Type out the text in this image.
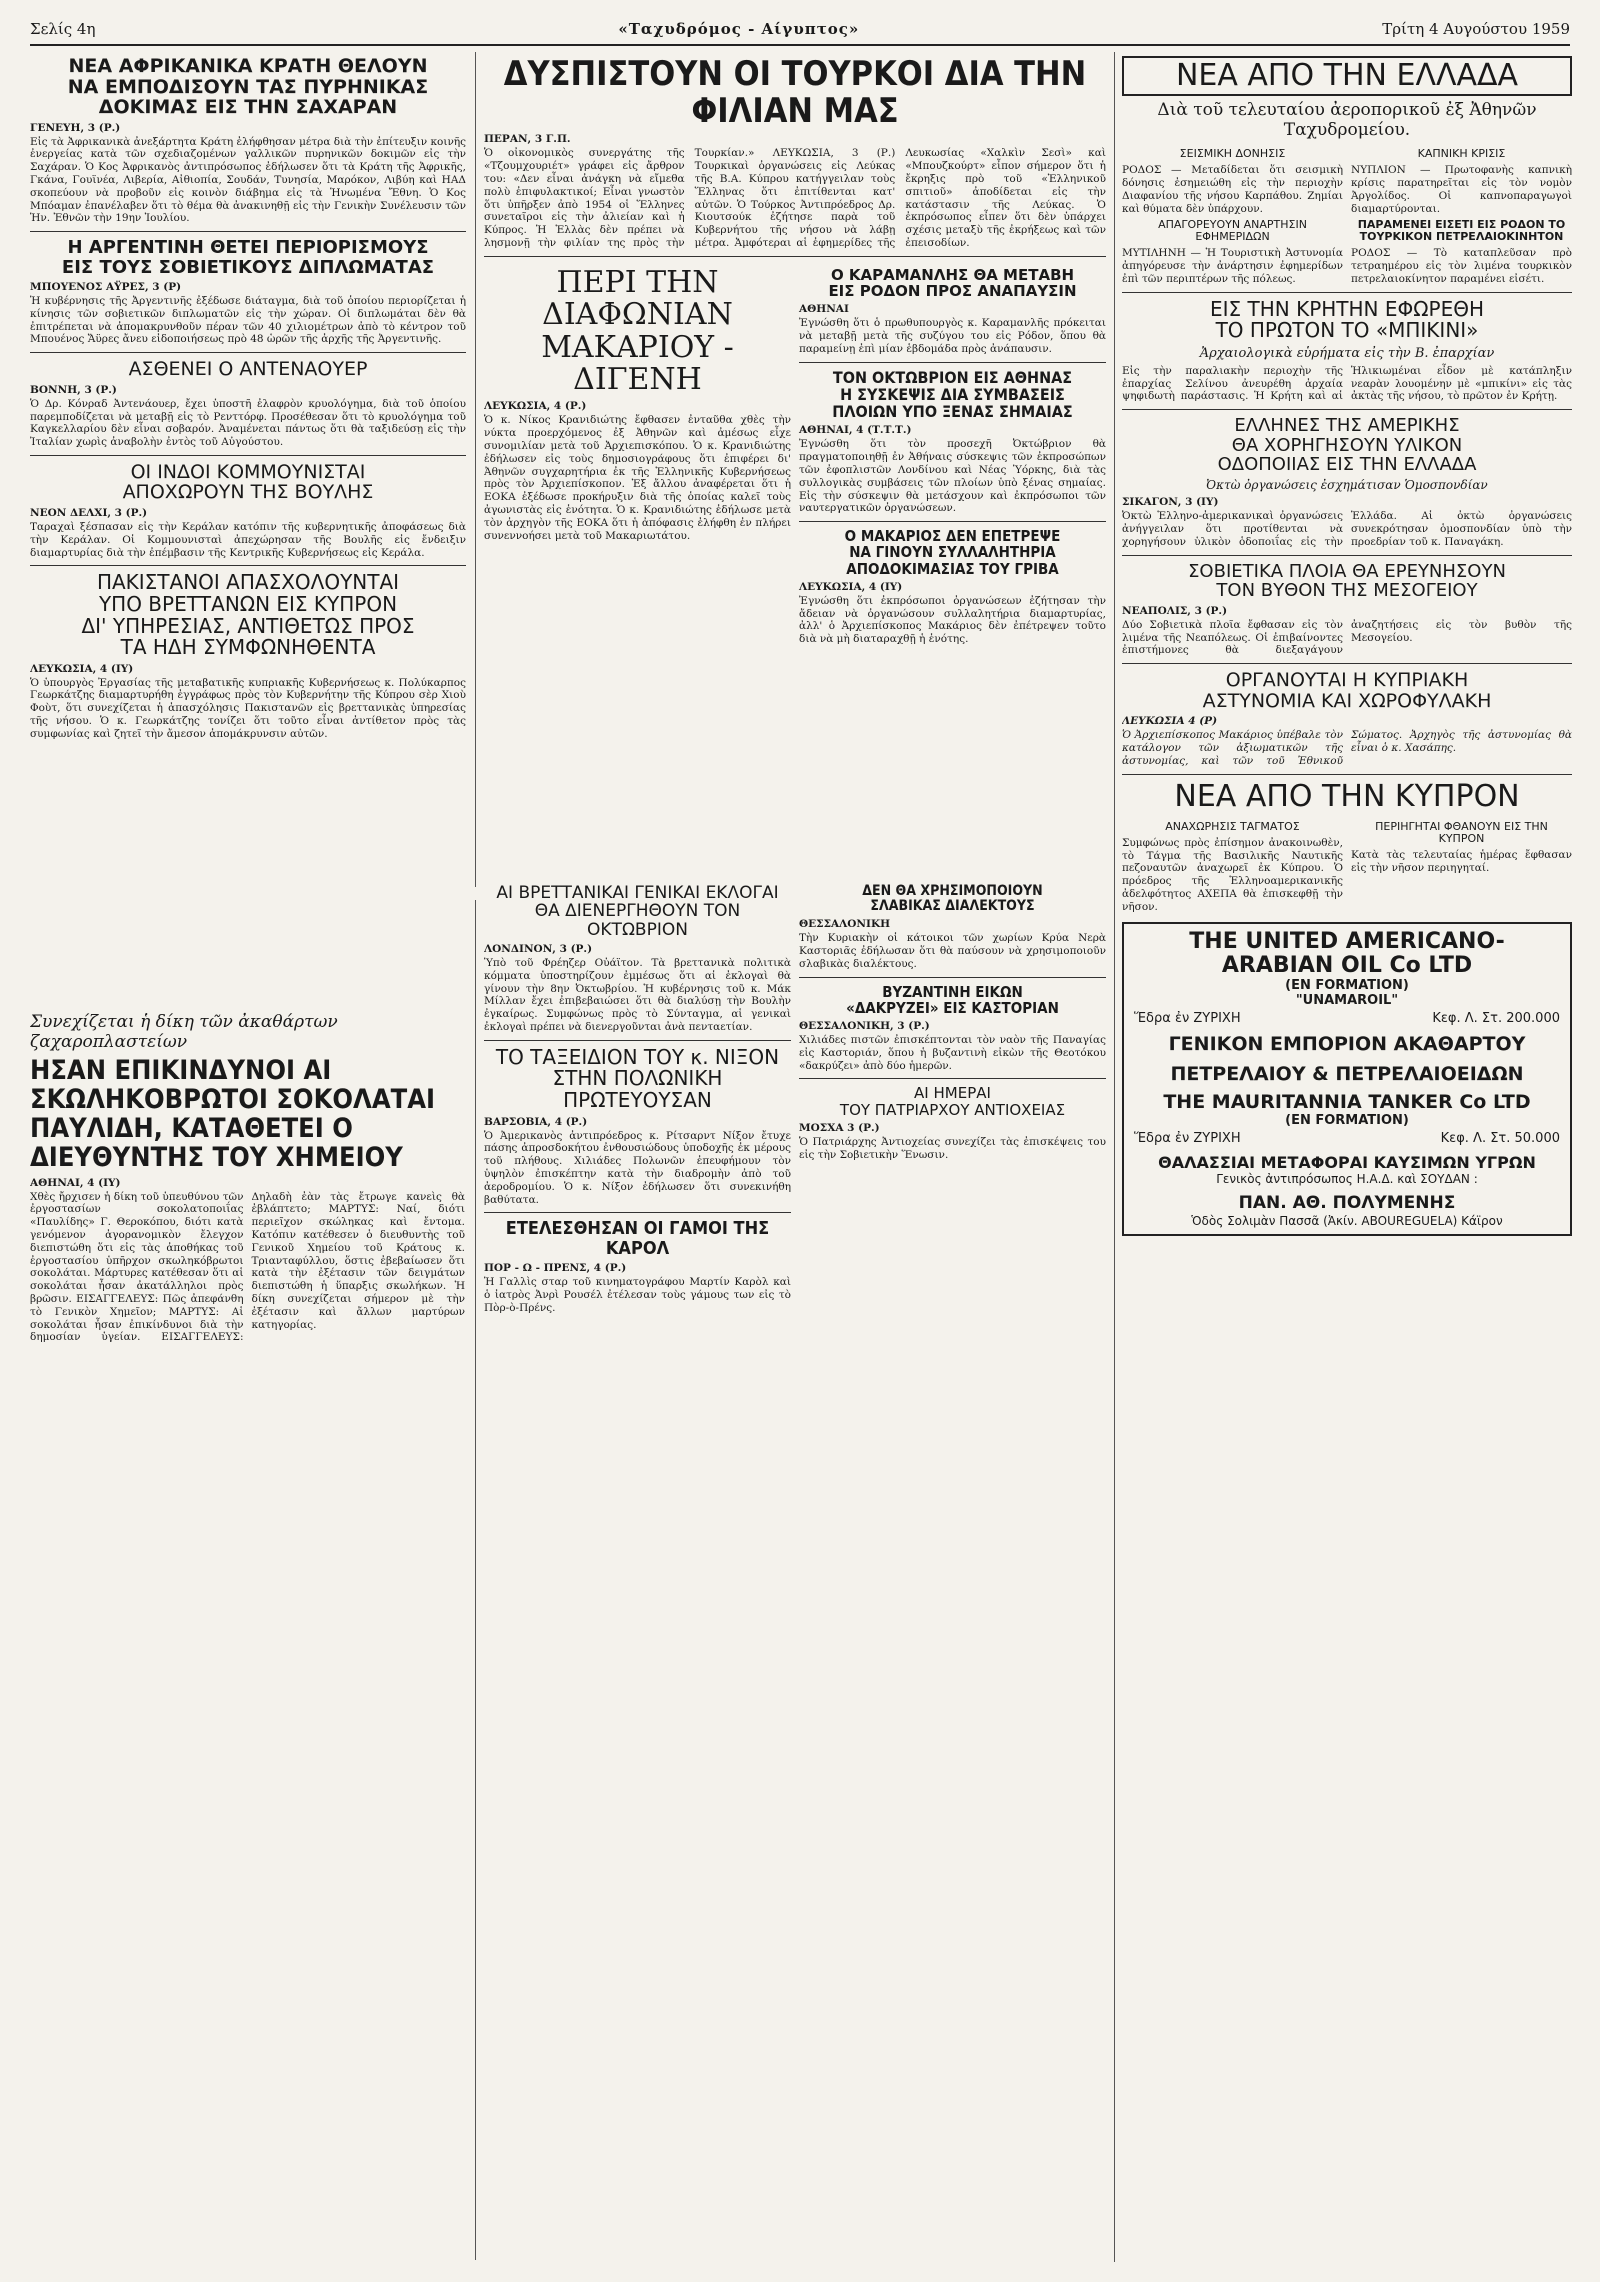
Σελίς 4η	«Ταχυδρόμος - Αίγυπτος»	Τρίτη 4 Αυγούστου 1959
ΝΕΑ ΑΦΡΙΚΑΝΙΚΑ ΚΡΑΤΗ ΘΕΛΟΥΝ
ΝΑ ΕΜΠΟΔΙΣΟΥΝ ΤΑΣ ΠΥΡΗΝΙΚΑΣ
ΔΟΚΙΜΑΣ ΕΙΣ ΤΗΝ ΣΑΧΑΡΑΝ
ΓΕΝΕΥΗ, 3 (Ρ.)

Εἰς τὰ Ἀφρικανικὰ ἀνεξάρτητα Κράτη ἐλήφθησαν μέτρα διὰ τὴν ἐπίτευξιν κοινῆς ἐνεργείας κατὰ τῶν σχεδιαζομένων γαλλικῶν πυρηνικῶν δοκιμῶν εἰς τὴν Σαχάραν. Ὁ Κος Ἀφρικανὸς ἀντιπρόσωπος ἐδήλωσεν ὅτι τὰ Κράτη τῆς Ἀφρικῆς, Γκάνα, Γουϊνέα, Λιβερία, Αἰθιοπία, Σουδάν, Τυνησία, Μαρόκον, Λιβύη καὶ ΗΑΔ σκοπεύουν νὰ προβοῦν εἰς κοινὸν διάβημα εἰς τὰ Ἡνωμένα Ἔθνη. Ὁ Κος Μπόαμαν ἐπανέλαβεν ὅτι τὸ θέμα θὰ ἀνακινηθῇ εἰς τὴν Γενικὴν Συνέλευσιν τῶν Ἡν. Ἐθνῶν τὴν 19ην Ἰουλίου.

Η ΑΡΓΕΝΤΙΝΗ ΘΕΤΕΙ ΠΕΡΙΟΡΙΣΜΟΥΣ
ΕΙΣ ΤΟΥΣ ΣΟΒΙΕΤΙΚΟΥΣ ΔΙΠΛΩΜΑΤΑΣ
ΜΠΟΥΕΝΟΣ ΑΫΡΕΣ, 3 (Ρ)

Ἡ κυβέρνησις τῆς Ἀργεντινῆς ἐξέδωσε διάταγμα, διὰ τοῦ ὁποίου περιορίζεται ἡ κίνησις τῶν σοβιετικῶν διπλωματῶν εἰς τὴν χώραν. Οἱ διπλωμάται δὲν θὰ ἐπιτρέπεται νὰ ἀπομακρυνθοῦν πέραν τῶν 40 χιλιομέτρων ἀπὸ τὸ κέντρον τοῦ Μπουένος Ἄϋρες ἄνευ εἰδοποιήσεως πρὸ 48 ὡρῶν τῆς ἀρχῆς τῆς Ἀργεντινῆς.

ΑΣΘΕΝΕΙ Ο ΑΝΤΕΝΑΟΥΕΡ
ΒΟΝΝΗ, 3 (Ρ.)

Ὁ Δρ. Κόνραδ Ἀντενάουερ, ἔχει ὑποστῆ ἐλαφρὸν κρυολόγημα, διὰ τοῦ ὁποίου παρεμποδίζεται νὰ μεταβῇ εἰς τὸ Ρενττόρφ. Προσέθεσαν ὅτι τὸ κρυολόγημα τοῦ Καγκελλαρίου δὲν εἶναι σοβαρόν. Ἀναμένεται πάντως ὅτι θὰ ταξιδεύσῃ εἰς τὴν Ἰταλίαν χωρὶς ἀναβολὴν ἐντὸς τοῦ Αὐγούστου.

ΟΙ ΙΝΔΟΙ ΚΟΜΜΟΥΝΙΣΤΑΙ
ΑΠΟΧΩΡΟΥΝ ΤΗΣ ΒΟΥΛΗΣ
ΝΕΟΝ ΔΕΛΧΙ, 3 (Ρ.)

Ταραχαὶ ξέσπασαν εἰς τὴν Κεράλαν κατόπιν τῆς κυβερνητικῆς ἀποφάσεως διὰ τὴν Κεράλαν. Οἱ Κομμουνισταὶ ἀπεχώρησαν τῆς Βουλῆς εἰς ἔνδειξιν διαμαρτυρίας διὰ τὴν ἐπέμβασιν τῆς Κεντρικῆς Κυβερνήσεως εἰς Κεράλα.

ΠΑΚΙΣΤΑΝΟΙ ΑΠΑΣΧΟΛΟΥΝΤΑΙ
ΥΠΟ ΒΡΕΤΤΑΝΩΝ ΕΙΣ ΚΥΠΡΟΝ
ΔΙ' ΥΠΗΡΕΣΙΑΣ, ΑΝΤΙΘΕΤΩΣ ΠΡΟΣ
ΤΑ ΗΔΗ ΣΥΜΦΩΝΗΘΕΝΤΑ
ΛΕΥΚΩΣΙΑ, 4 (ΙΥ)

Ὁ ὑπουργὸς Ἐργασίας τῆς μεταβατικῆς κυπριακῆς Κυβερνήσεως κ. Πολύκαρπος Γεωρκάτζης διαμαρτυρήθη ἐγγράφως πρὸς τὸν Κυβερνήτην τῆς Κύπρου σὲρ Χιοὺ Φοὺτ, ὅτι συνεχίζεται ἡ ἀπασχόλησις Πακιστανῶν εἰς βρεττανικὰς ὑπηρεσίας τῆς νήσου. Ὁ κ. Γεωρκάτζης τονίζει ὅτι τοῦτο εἶναι ἀντίθετον πρὸς τὰς συμφωνίας καὶ ζητεῖ τὴν ἄμεσον ἀπομάκρυνσιν αὐτῶν.

ΔΥΣΠΙΣΤΟΥΝ ΟΙ ΤΟΥΡΚΟΙ ΔΙΑ ΤΗΝ ΦΙΛΙΑΝ ΜΑΣ
ΠΕΡΑΝ, 3 Γ.Π.

Ὁ οἰκονομικὸς συνεργάτης τῆς «Τζουμχουριέτ» γράφει εἰς ἄρθρον του: «Δεν εἶναι ἀνάγκη νὰ εἴμεθα πολὺ ἐπιφυλακτικοί; Εἶναι γνωστὸν ὅτι ὑπῆρξεν ἀπὸ 1954 οἱ Ἕλληνες συνεταῖροι εἰς τὴν ἀλιείαν καὶ ἡ Κύπρος. Ἡ Ἑλλὰς δὲν πρέπει νὰ λησμονῇ τὴν φιλίαν της πρὸς τὴν Τουρκίαν.» ΛΕΥΚΩΣΙΑ, 3 (Ρ.) Τουρκικαὶ ὀργανώσεις εἰς Λεύκας τῆς Β.Α. Κύπρου κατήγγειλαν τοὺς Ἕλληνας ὅτι ἐπιτίθενται κατ' αὐτῶν. Ὁ Τούρκος Ἀντιπρόεδρος Δρ. Κιουτσούκ ἐζήτησε παρὰ τοῦ Κυβερνήτου τῆς νήσου νὰ λάβῃ μέτρα. Ἀμφότεραι αἱ ἐφημερίδες τῆς Λευκωσίας «Χαλκὶν Σεσὶ» καὶ «Μπουζκούρτ» εἶπον σήμερον ὅτι ἡ ἔκρηξις πρὸ τοῦ «Ἑλληνικοῦ σπιτιοῦ» ἀποδίδεται εἰς τὴν κατάστασιν τῆς Λεύκας. Ὁ ἐκπρόσωπος εἶπεν ὅτι δὲν ὑπάρχει σχέσις μεταξὺ τῆς ἐκρήξεως καὶ τῶν ἐπεισοδίων.

ΠΕΡΙ ΤΗΝ ΔΙΑΦΩΝΙΑΝ
ΜΑΚΑΡΙΟΥ - ΔΙΓΕΝΗ
ΛΕΥΚΩΣΙΑ, 4 (Ρ.)

Ὁ κ. Νίκος Κρανιδιώτης ἔφθασεν ἐνταῦθα χθὲς τὴν νύκτα προερχόμενος ἐξ Ἀθηνῶν καὶ ἀμέσως εἶχε συνομιλίαν μετὰ τοῦ Ἀρχιεπισκόπου. Ὁ κ. Κρανιδιώτης ἐδήλωσεν εἰς τοὺς δημοσιογράφους ὅτι ἐπιφέρει δι' Ἀθηνῶν συγχαρητήρια ἐκ τῆς Ἑλληνικῆς Κυβερνήσεως πρὸς τὸν Ἀρχιεπίσκοπον. Ἐξ ἄλλου ἀναφέρεται ὅτι ἡ ΕΟΚΑ ἐξέδωσε προκήρυξιν διὰ τῆς ὁποίας καλεῖ τοὺς ἀγωνιστὰς εἰς ἑνότητα. Ὁ κ. Κρανιδιώτης ἐδήλωσε μετὰ τὸν ἀρχηγὸν τῆς ΕΟΚΑ ὅτι ἡ ἀπόφασις ἐλήφθη ἐν πλήρει συνεννοήσει μετὰ τοῦ Μακαριωτάτου.

Ο ΚΑΡΑΜΑΝΛΗΣ ΘΑ ΜΕΤΑΒΗ
ΕΙΣ ΡΟΔΟΝ ΠΡΟΣ ΑΝΑΠΑΥΣΙΝ
ΑΘΗΝΑΙ

Ἐγνώσθη ὅτι ὁ πρωθυπουργὸς κ. Καραμανλῆς πρόκειται νὰ μεταβῇ μετὰ τῆς συζύγου του εἰς Ρόδον, ὅπου θὰ παραμείνῃ ἐπὶ μίαν ἑβδομάδα πρὸς ἀνάπαυσιν.

ΤΟΝ ΟΚΤΩΒΡΙΟΝ ΕΙΣ ΑΘΗΝΑΣ
Η ΣΥΣΚΕΨΙΣ ΔΙΑ ΣΥΜΒΑΣΕΙΣ
ΠΛΟΙΩΝ ΥΠΟ ΞΕΝΑΣ ΣΗΜΑΙΑΣ
ΑΘΗΝΑΙ, 4 (Τ.Τ.Τ.)

Ἐγνώσθη ὅτι τὸν προσεχῆ Ὀκτώβριον θὰ πραγματοποιηθῇ ἐν Ἀθήναις σύσκεψις τῶν ἐκπροσώπων τῶν ἐφοπλιστῶν Λονδίνου καὶ Νέας Ὑόρκης, διὰ τὰς συλλογικὰς συμβάσεις τῶν πλοίων ὑπὸ ξένας σημαίας. Εἰς τὴν σύσκεψιν θὰ μετάσχουν καὶ ἐκπρόσωποι τῶν ναυτεργατικῶν ὀργανώσεων.

Ο ΜΑΚΑΡΙΟΣ ΔΕΝ ΕΠΕΤΡΕΨΕ
ΝΑ ΓΙΝΟΥΝ ΣΥΛΛΑΛΗΤΗΡΙΑ
ΑΠΟΔΟΚΙΜΑΣΙΑΣ ΤΟΥ ΓΡΙΒΑ
ΛΕΥΚΩΣΙΑ, 4 (ΙΥ)

Ἐγνώσθη ὅτι ἐκπρόσωποι ὀργανώσεων ἐζήτησαν τὴν ἄδειαν νὰ ὀργανώσουν συλλαλητήρια διαμαρτυρίας, ἀλλ' ὁ Ἀρχιεπίσκοπος Μακάριος δὲν ἐπέτρεψεν τοῦτο διὰ νὰ μὴ διαταραχθῇ ἡ ἑνότης.

ΝΕΑ ΑΠΟ ΤΗΝ ΕΛΛΑΔΑ
Διὰ τοῦ τελευταίου ἀεροπορικοῦ ἐξ Ἀθηνῶν Ταχυδρομείου.
ΣΕΙΣΜΙΚΗ ΔΟΝΗΣΙΣ

ΡΟΔΟΣ — Μεταδίδεται ὅτι σεισμικὴ δόνησις ἐσημειώθη εἰς τὴν περιοχὴν Διαφανίου τῆς νήσου Καρπάθου. Ζημίαι καὶ θύματα δὲν ὑπάρχουν.

ΑΠΑΓΟΡΕΥΟΥΝ ΑΝΑΡΤΗΣΙΝ ΕΦΗΜΕΡΙΔΩΝ

ΜΥΤΙΛΗΝΗ — Ἡ Τουριστικὴ Ἀστυνομία ἀπηγόρευσε τὴν ἀνάρτησιν ἐφημερίδων ἐπὶ τῶν περιπτέρων τῆς πόλεως.

ΚΑΠΝΙΚΗ ΚΡΙΣΙΣ

ΝΥΠΛΙΟΝ — Πρωτοφανὴς καπνικὴ κρίσις παρατηρεῖται εἰς τὸν νομὸν Ἀργολίδος. Οἱ καπνοπαραγωγοὶ διαμαρτύρονται.

ΠΑΡΑΜΕΝΕΙ ΕΙΣΕΤΙ ΕΙΣ ΡΟΔΟΝ ΤΟ ΤΟΥΡΚΙΚΟΝ ΠΕΤΡΕΛΑΙΟΚΙΝΗΤΟΝ

ΡΟΔΟΣ — Τὸ καταπλεῦσαν πρὸ τετραημέρου εἰς τὸν λιμένα τουρκικὸν πετρελαιοκίνητον παραμένει εἰσέτι.

ΕΙΣ ΤΗΝ ΚΡΗΤΗΝ ΕΦΩΡΕΘΗ
ΤΟ ΠΡΩΤΟΝ ΤΟ «ΜΠΙΚΙΝΙ»
Ἀρχαιολογικὰ εὑρήματα εἰς τὴν Β. ἐπαρχίαν

Εἰς τὴν παραλιακὴν περιοχὴν τῆς ἐπαρχίας Σελίνου ἀνευρέθη ἀρχαία ψηφιδωτὴ παράστασις. Ἡ Κρήτη καὶ αἱ Ἡλικιωμέναι εἶδον μὲ κατάπληξιν νεαρὰν λουομένην μὲ «μπικίνι» εἰς τὰς ἀκτὰς τῆς νήσου, τὸ πρῶτον ἐν Κρήτῃ.

ΕΛΛΗΝΕΣ ΤΗΣ ΑΜΕΡΙΚΗΣ
ΘΑ ΧΟΡΗΓΗΣΟΥΝ ΥΛΙΚΟΝ
ΟΔΟΠΟΙΙΑΣ ΕΙΣ ΤΗΝ ΕΛΛΑΔΑ
Ὀκτὼ ὀργανώσεις ἐσχημάτισαν Ὁμοσπονδίαν
ΣΙΚΑΓΟΝ, 3 (ΙΥ)

Ὀκτὼ Ἑλληνο-ἀμερικανικαὶ ὀργανώσεις ἀνήγγειλαν ὅτι προτίθενται νὰ χορηγήσουν ὑλικὸν ὁδοποιΐας εἰς τὴν Ἑλλάδα. Αἱ ὀκτὼ ὀργανώσεις συνεκρότησαν ὁμοσπονδίαν ὑπὸ τὴν προεδρίαν τοῦ κ. Παναγάκη.

ΣΟΒΙΕΤΙΚΑ ΠΛΟΙΑ ΘΑ ΕΡΕΥΝΗΣΟΥΝ
ΤΟΝ ΒΥΘΟΝ ΤΗΣ ΜΕΣΟΓΕΙΟΥ
ΝΕΑΠΟΛΙΣ, 3 (Ρ.)

Δύο Σοβιετικὰ πλοῖα ἔφθασαν εἰς τὸν λιμένα τῆς Νεαπόλεως. Οἱ ἐπιβαίνοντες ἐπιστήμονες θὰ διεξαγάγουν ἀναζητήσεις εἰς τὸν βυθὸν τῆς Μεσογείου.

ΟΡΓΑΝΟΥΤΑΙ Η ΚΥΠΡΙΑΚΗ
ΑΣΤΥΝΟΜΙΑ ΚΑΙ ΧΩΡΟΦΥΛΑΚΗ
ΛΕΥΚΩΣΙΑ 4 (Ρ)

Ὁ Ἀρχιεπίσκοπος Μακάριος ὑπέβαλε τὸν κατάλογον τῶν ἀξιωματικῶν τῆς ἀστυνομίας, καὶ τῶν τοῦ Ἐθνικοῦ Σώματος. Ἀρχηγὸς τῆς ἀστυνομίας θὰ εἶναι ὁ κ. Χασάπης.

ΝΕΑ ΑΠΟ ΤΗΝ ΚΥΠΡΟΝ
ΑΝΑΧΩΡΗΣΙΣ ΤΑΓΜΑΤΟΣ

Συμφώνως πρὸς ἐπίσημον ἀνακοινωθὲν, τὸ Τάγμα τῆς Βασιλικῆς Ναυτικῆς πεζοναυτῶν ἀναχωρεῖ ἐκ Κύπρου. Ὁ πρόεδρος τῆς Ἑλληνοαμερικανικῆς ἀδελφότητος ΑΧΕΠΑ θὰ ἐπισκεφθῇ τὴν νῆσον.

ΠΕΡΙΗΓΗΤΑΙ ΦΘΑΝΟΥΝ ΕΙΣ ΤΗΝ ΚΥΠΡΟΝ

Κατὰ τὰς τελευταίας ἡμέρας ἔφθασαν εἰς τὴν νῆσον περιηγηταί.

THE UNITED AMERICANO-
ARABIAN OIL Co LTD
(EN FORMATION)
"UNAMAROIL"
Ἕδρα ἐν ΖΥΡΙΧΗ	Κεφ. Λ. Στ. 200.000
ΓΕΝΙΚΟΝ ΕΜΠΟΡΙΟΝ ΑΚΑΘΑΡΤΟΥ
ΠΕΤΡΕΛΑΙΟΥ & ΠΕΤΡΕΛΑΙΟΕΙΔΩΝ
THE MAURITANNIA TANKER Co LTD
(EN FORMATION)
Ἕδρα ἐν ΖΥΡΙΧΗ	Κεφ. Λ. Στ. 50.000
ΘΑΛΑΣΣΙΑΙ ΜΕΤΑΦΟΡΑΙ ΚΑΥΣΙΜΩΝ ΥΓΡΩΝ
Γενικὸς ἀντιπρόσωπος Η.Α.Δ. καὶ ΣΟΥΔΑΝ :
ΠΑΝ. ΑΘ. ΠΟΛΥΜΕΝΗΣ
Ὁδὸς Σολιμὰν Πασσᾶ (Ἀκίν. ABOUREGUELA) Κάϊρον
Συνεχίζεται ἡ δίκη τῶν ἀκαθάρτων ζαχαροπλαστείων
ΗΣΑΝ ΕΠΙΚΙΝΔΥΝΟΙ ΑΙ ΣΚΩΛΗΚΟΒΡΩΤΟΙ ΣΟΚΟΛΑΤΑΙ
ΠΑΥΛΙΔΗ, ΚΑΤΑΘΕΤΕΙ Ο ΔΙΕΥΘΥΝΤΗΣ ΤΟΥ ΧΗΜΕΙΟΥ
ΑΘΗΝΑΙ, 4 (ΙΥ)

Χθὲς ἤρχισεν ἡ δίκη τοῦ ὑπευθύνου τῶν ἐργοστασίων σοκολατοποιΐας «Παυλίδης» Γ. Θεροκόπου, διότι κατὰ γενόμενον ἀγορανομικὸν ἔλεγχον διεπιστώθη ὅτι εἰς τὰς ἀποθήκας τοῦ ἐργοστασίου ὑπῆρχον σκωληκόβρωτοι σοκολάται. Μάρτυρες κατέθεσαν ὅτι αἱ σοκολάται ἦσαν ἀκατάλληλοι πρὸς βρῶσιν. ΕΙΣΑΓΓΕΛΕΥΣ: Πῶς ἀπεφάνθη τὸ Γενικὸν Χημεῖον; ΜΑΡΤΥΣ: Αἱ σοκολάται ἦσαν ἐπικίνδυνοι διὰ τὴν δημοσίαν ὑγείαν. ΕΙΣΑΓΓΕΛΕΥΣ: Δηλαδὴ ἐὰν τὰς ἔτρωγε κανεὶς θὰ ἐβλάπτετο; ΜΑΡΤΥΣ: Ναί, διότι περιεῖχον σκώληκας καὶ ἔντομα. Κατόπιν κατέθεσεν ὁ διευθυντὴς τοῦ Γενικοῦ Χημείου τοῦ Κράτους κ. Τριανταφύλλου, ὅστις ἐβεβαίωσεν ὅτι κατὰ τὴν ἐξέτασιν τῶν δειγμάτων διεπιστώθη ἡ ὕπαρξις σκωλήκων. Ἡ δίκη συνεχίζεται σήμερον μὲ τὴν ἐξέτασιν καὶ ἄλλων μαρτύρων κατηγορίας.

ΑΙ ΒΡΕΤΤΑΝΙΚΑΙ ΓΕΝΙΚΑΙ ΕΚΛΟΓΑΙ
ΘΑ ΔΙΕΝΕΡΓΗΘΟΥΝ ΤΟΝ ΟΚΤΩΒΡΙΟΝ
ΛΟΝΔΙΝΟΝ, 3 (Ρ.)

Ὑπὸ τοῦ Φρέηζερ Οὐάϊτον. Τὰ βρεττανικὰ πολιτικὰ κόμματα ὑποστηρίζουν ἐμμέσως ὅτι αἱ ἐκλογαὶ θὰ γίνουν τὴν 8ην Ὀκτωβρίου. Ἡ κυβέρνησις τοῦ κ. Μάκ Μίλλαν ἔχει ἐπιβεβαιώσει ὅτι θὰ διαλύσῃ τὴν Βουλὴν ἐγκαίρως. Συμφώνως πρὸς τὸ Σύνταγμα, αἱ γενικαὶ ἐκλογαὶ πρέπει νὰ διενεργοῦνται ἀνὰ πενταετίαν.

ΤΟ ΤΑΞΕΙΔΙΟΝ ΤΟΥ κ. ΝΙΞΟΝ
ΣΤΗΝ ΠΟΛΩΝΙΚΗ ΠΡΩΤΕΥΟΥΣΑΝ
ΒΑΡΣΟΒΙΑ, 4 (Ρ.)

Ὁ Ἀμερικανὸς ἀντιπρόεδρος κ. Ρίτσαρντ Νίξον ἔτυχε πάσης ἀπροσδοκήτου ἐνθουσιώδους ὑποδοχῆς ἐκ μέρους τοῦ πλήθους. Χιλιάδες Πολωνῶν ἐπευφήμουν τὸν ὑψηλὸν ἐπισκέπτην κατὰ τὴν διαδρομὴν ἀπὸ τοῦ ἀεροδρομίου. Ὁ κ. Νίξον ἐδήλωσεν ὅτι συνεκινήθη βαθύτατα.

ΕΤΕΛΕΣΘΗΣΑΝ ΟΙ ΓΑΜΟΙ ΤΗΣ ΚΑΡΟΛ
ΠΟΡ - Ω - ΠΡΕΝΣ, 4 (Ρ.)

Ἡ Γαλλὶς σταρ τοῦ κινηματογράφου Μαρτίν Καρὸλ καὶ ὁ ἰατρὸς Ἀνρὶ Ρουσέλ ἐτέλεσαν τοὺς γάμους των εἰς τὸ Πὸρ-ὸ-Πρένς.

ΔΕΝ ΘΑ ΧΡΗΣΙΜΟΠΟΙΟΥΝ
ΣΛΑΒΙΚΑΣ ΔΙΑΛΕΚΤΟΥΣ
ΘΕΣΣΑΛΟΝΙΚΗ

Τὴν Κυριακὴν οἱ κάτοικοι τῶν χωρίων Κρύα Νερὰ Καστοριᾶς ἐδήλωσαν ὅτι θὰ παύσουν νὰ χρησιμοποιοῦν σλαβικὰς διαλέκτους.

ΒΥΖΑΝΤΙΝΗ ΕΙΚΩΝ
«ΔΑΚΡΥΖΕΙ» ΕΙΣ ΚΑΣΤΟΡΙΑΝ
ΘΕΣΣΑΛΟΝΙΚΗ, 3 (Ρ.)

Χιλιάδες πιστῶν ἐπισκέπτονται τὸν ναὸν τῆς Παναγίας εἰς Καστοριάν, ὅπου ἡ βυζαντινὴ εἰκὼν τῆς Θεοτόκου «δακρύζει» ἀπὸ δύο ἡμερῶν.

ΑΙ ΗΜΕΡΑΙ
ΤΟΥ ΠΑΤΡΙΑΡΧΟΥ ΑΝΤΙΟΧΕΙΑΣ
ΜΟΣΧΑ 3 (Ρ.)

Ὁ Πατριάρχης Ἀντιοχείας συνεχίζει τὰς ἐπισκέψεις του εἰς τὴν Σοβιετικὴν Ἕνωσιν.
